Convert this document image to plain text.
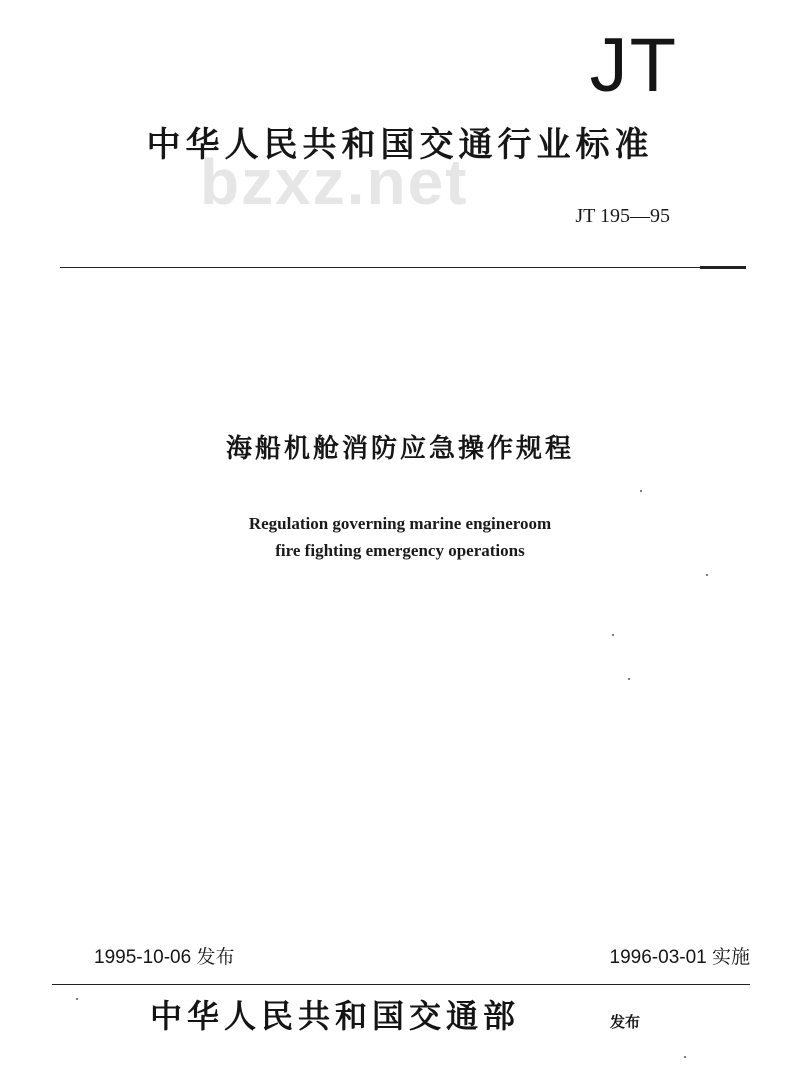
JT
bzxz.net
中华人民共和国交通行业标准
JT 195—95
海船机舱消防应急操作规程
Regulation governing marine engineroom
fire fighting emergency operations
1995-10-06 发布	1996-03-01 实施
中华人民共和国交通部	发布
